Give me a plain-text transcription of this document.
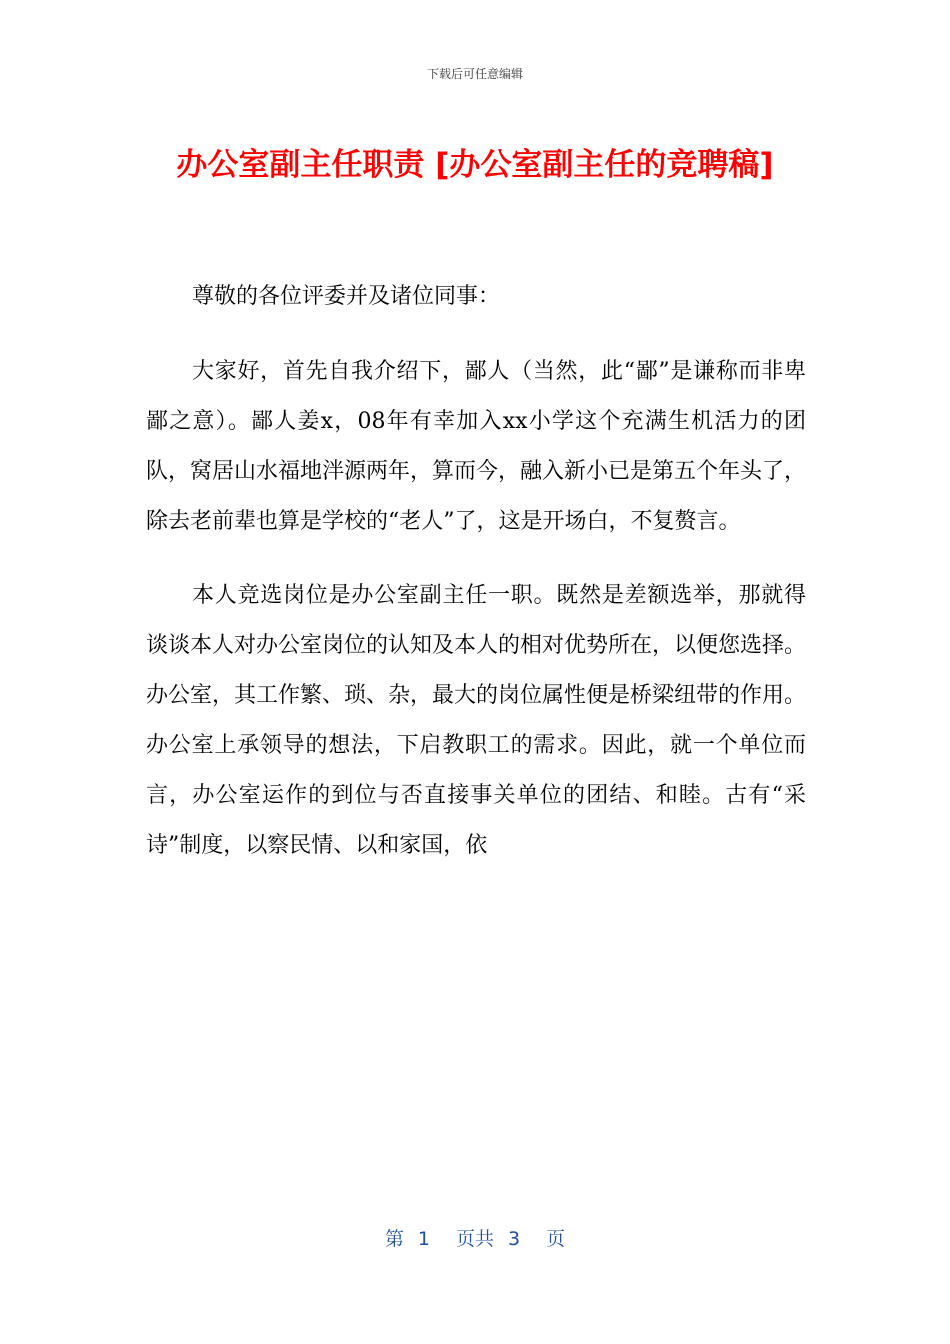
下载后可任意编辑
办公室副主任职责 [办公室副主任的竞聘稿]

尊敬的各位评委并及诸位同事：

大家好，首先自我介绍下，鄙人（当然，此“鄙”是谦称而非卑鄙之意）。鄙人姜x，08年有幸加入xx小学这个充满生机活力的团队，窝居山水福地泮源两年，算而今，融入新小已是第五个年头了，除去老前辈也算是学校的“老人”了，这是开场白，不复赘言。

本人竞选岗位是办公室副主任一职。既然是差额选举，那就得谈谈本人对办公室岗位的认知及本人的相对优势所在，以便您选择。办公室，其工作繁、琐、杂，最大的岗位属性便是桥梁纽带的作用。办公室上承领导的想法，下启教职工的需求。因此，就一个单位而言，办公室运作的到位与否直接事关单位的团结、和睦。古有“采诗”制度，以察民情、以和家国，依

第 1 页共 3 页
